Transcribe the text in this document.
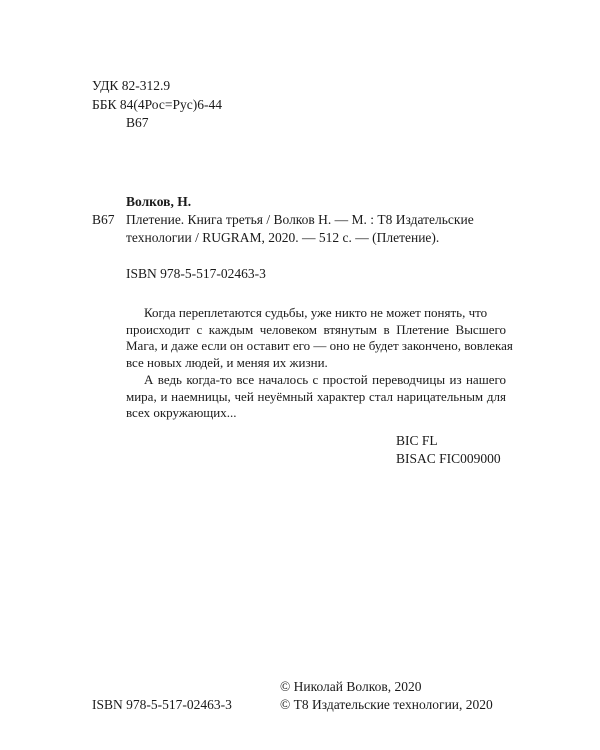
УДК 82-312.9
ББК 84(4Рос=Рус)6-44
В67
Волков, Н.
В67 Плетение. Книга третья / Волков Н. — М. : Т8 Издательские
технологии / RUGRAM, 2020. — 512 с. — (Плетение).
ISBN 978-5-517-02463-3
Когда переплетаются судьбы, уже никто не может понять, что
происходит с каждым человеком втянутым в Плетение Высшего
Мага, и даже если он оставит его — оно не будет закончено, вовлекая
все новых людей, и меняя их жизни.
А ведь когда-то все началось с простой переводчицы из нашего
мира, и наемницы, чей неуёмный характер стал нарицательным для
всех окружающих...
BIC FL
BISAC FIC009000
ISBN 978-5-517-02463-3
© Николай Волков, 2020
© Т8 Издательские технологии, 2020
